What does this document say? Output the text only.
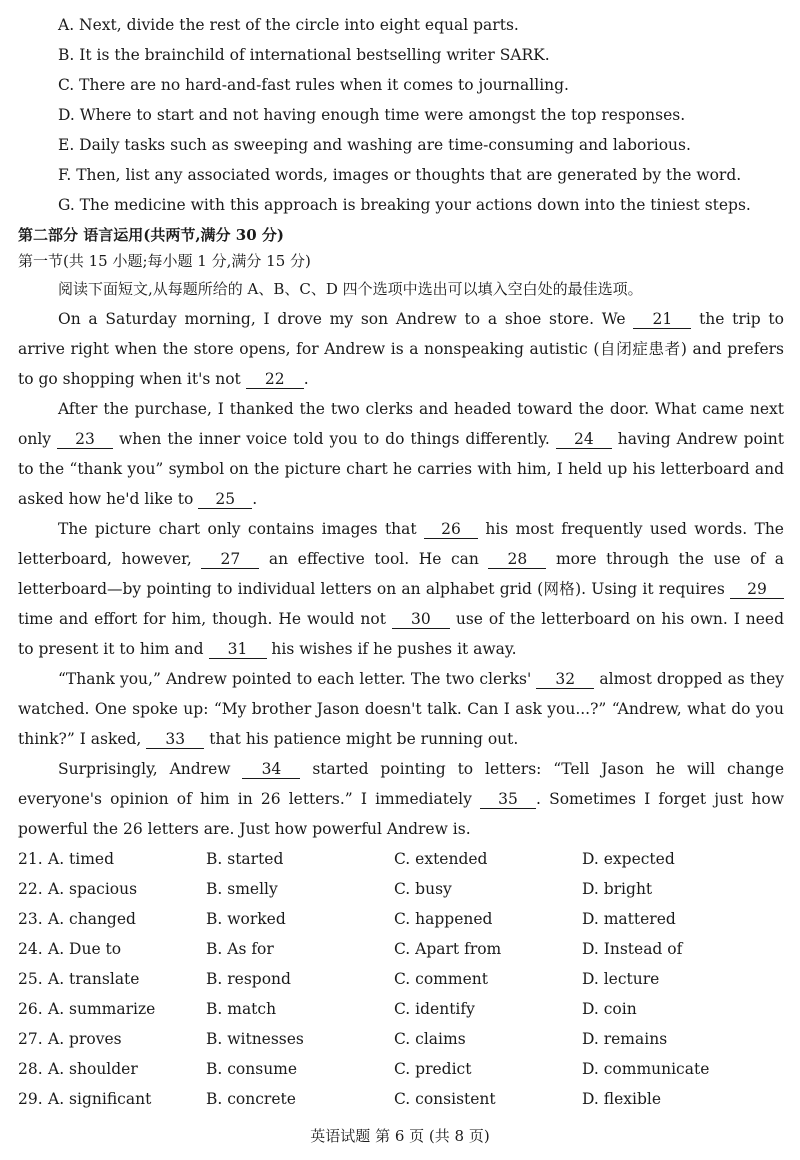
A. Next, divide the rest of the circle into eight equal parts.
B. It is the brainchild of international bestselling writer SARK.
C. There are no hard-and-fast rules when it comes to journalling.
D. Where to start and not having enough time were amongst the top responses.
E. Daily tasks such as sweeping and washing are time-consuming and laborious.
F. Then, list any associated words, images or thoughts that are generated by the word.
G. The medicine with this approach is breaking your actions down into the tiniest steps.
第二部分 语言运用(共两节,满分 30 分)
第一节(共 15 小题;每小题 1 分,满分 15 分)
阅读下面短文,从每题所给的 A、B、C、D 四个选项中选出可以填入空白处的最佳选项。

On a Saturday morning, I drove my son Andrew to a shoe store. We 21 the trip to arrive right when the store opens, for Andrew is a nonspeaking autistic (自闭症患者) and prefers to go shopping when it's not 22 .

After the purchase, I thanked the two clerks and headed toward the door. What came next only 23 when the inner voice told you to do things differently. 24 having Andrew point to the “thank you” symbol on the picture chart he carries with him, I held up his letterboard and asked how he'd like to 25 .

The picture chart only contains images that 26 his most frequently used words. The letterboard, however, 27 an effective tool. He can 28 more through the use of a letterboard—by pointing to individual letters on an alphabet grid (网格). Using it requires 29 time and effort for him, though. He would not 30 use of the letterboard on his own. I need to present it to him and 31 his wishes if he pushes it away.

“Thank you,” Andrew pointed to each letter. The two clerks' 32 almost dropped as they watched. One spoke up: “My brother Jason doesn't talk. Can I ask you...?” “Andrew, what do you think?” I asked, 33 that his patience might be running out.

Surprisingly, Andrew 34 started pointing to letters: “Tell Jason he will change everyone's opinion of him in 26 letters.” I immediately 35 . Sometimes I forget just how powerful the 26 letters are. Just how powerful Andrew is.

21. A. timed	B. started	C. extended	D. expected
22. A. spacious	B. smelly	C. busy	D. bright
23. A. changed	B. worked	C. happened	D. mattered
24. A. Due to	B. As for	C. Apart from	D. Instead of
25. A. translate	B. respond	C. comment	D. lecture
26. A. summarize	B. match	C. identify	D. coin
27. A. proves	B. witnesses	C. claims	D. remains
28. A. shoulder	B. consume	C. predict	D. communicate
29. A. significant	B. concrete	C. consistent	D. flexible
英语试题 第 6 页 (共 8 页)
